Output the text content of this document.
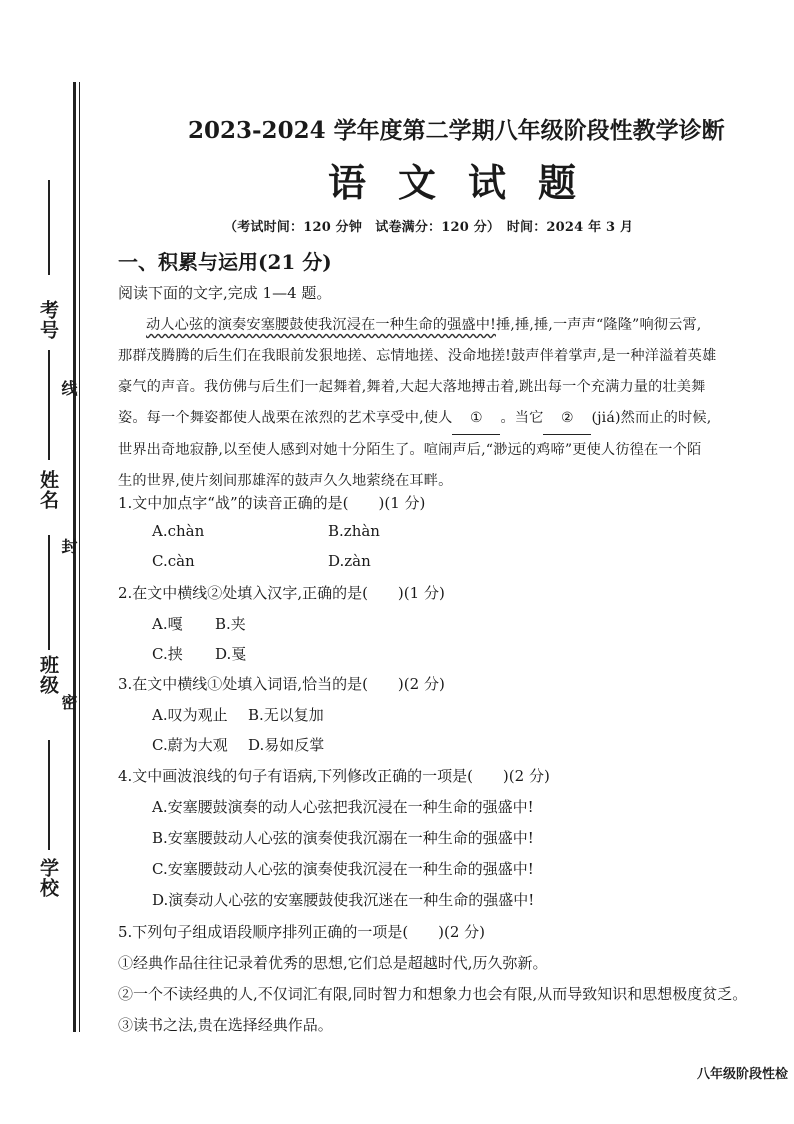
考号
线
姓名
封
班级
密
学校
2023-2024 学年度第二学期八年级阶段性教学诊断
语文试题
（考试时间：120 分钟　试卷满分：120 分）　时间：2024 年 3 月
一、积累与运用(21 分)
阅读下面的文字,完成 1—4 题。

动人心弦的演奏安塞腰鼓使我沉浸在一种生命的强盛中!捶,捶,捶,一声声“隆隆”响彻云霄,

那群茂腾腾的后生们在我眼前发狠地搓、忘情地搓、没命地搓!鼓声伴着掌声,是一种洋溢着英雄

豪气的声音。我仿佛与后生们一起舞着,舞着,大起大落地搏击着,跳出每一个充满力量的壮美舞

姿。每一个舞姿都使人战栗在浓烈的艺术享受中,使人 ① 。当它 ② (jiá)然而止的时候,

世界出奇地寂静,以至使人感到对她十分陌生了。喧闹声后,“渺远的鸡啼”更使人彷徨在一个陌

生的世界,使片刻间那雄浑的鼓声久久地萦绕在耳畔。

1.文中加点字“战”的读音正确的是(　　)(1 分)
A.chàn	B.zhàn
C.càn	D.zàn
2.在文中横线②处填入汉字,正确的是(　　)(1 分)
A.嘎 B.夹
C.挟 D.戛
3.在文中横线①处填入词语,恰当的是(　　)(2 分)
A.叹为观止 B.无以复加
C.蔚为大观 D.易如反掌
4.文中画波浪线的句子有语病,下列修改正确的一项是(　　)(2 分)
A.安塞腰鼓演奏的动人心弦把我沉浸在一种生命的强盛中!
B.安塞腰鼓动人心弦的演奏使我沉溺在一种生命的强盛中!
C.安塞腰鼓动人心弦的演奏使我沉浸在一种生命的强盛中!
D.演奏动人心弦的安塞腰鼓使我沉迷在一种生命的强盛中!
5.下列句子组成语段顺序排列正确的一项是(　　)(2 分)
①经典作品往往记录着优秀的思想,它们总是超越时代,历久弥新。
②一个不读经典的人,不仅词汇有限,同时智力和想象力也会有限,从而导致知识和思想极度贫乏。
③读书之法,贵在选择经典作品。
八年级阶段性检
